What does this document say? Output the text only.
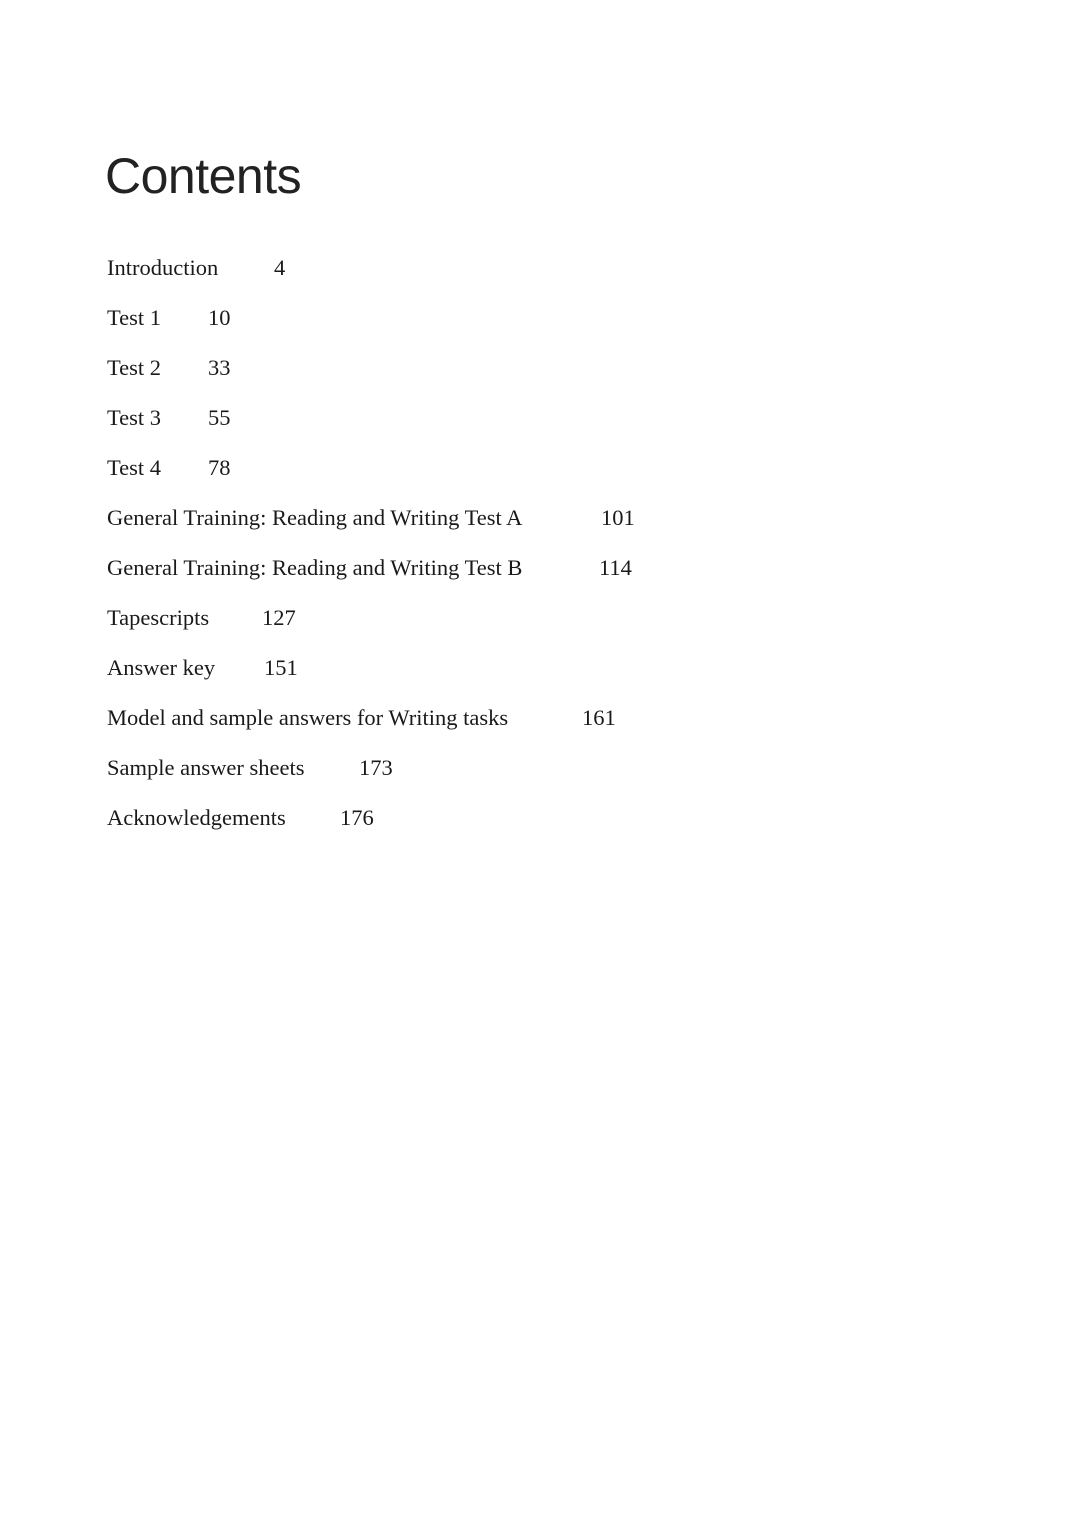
Contents
Introduction 4
Test 1 10
Test 2 33
Test 3 55
Test 4 78
General Training: Reading and Writing Test A	101
General Training: Reading and Writing Test B	114
Tapescripts 127
Answer key 151
Model and sample answers for Writing tasks	161
Sample answer sheets 173
Acknowledgements 176
